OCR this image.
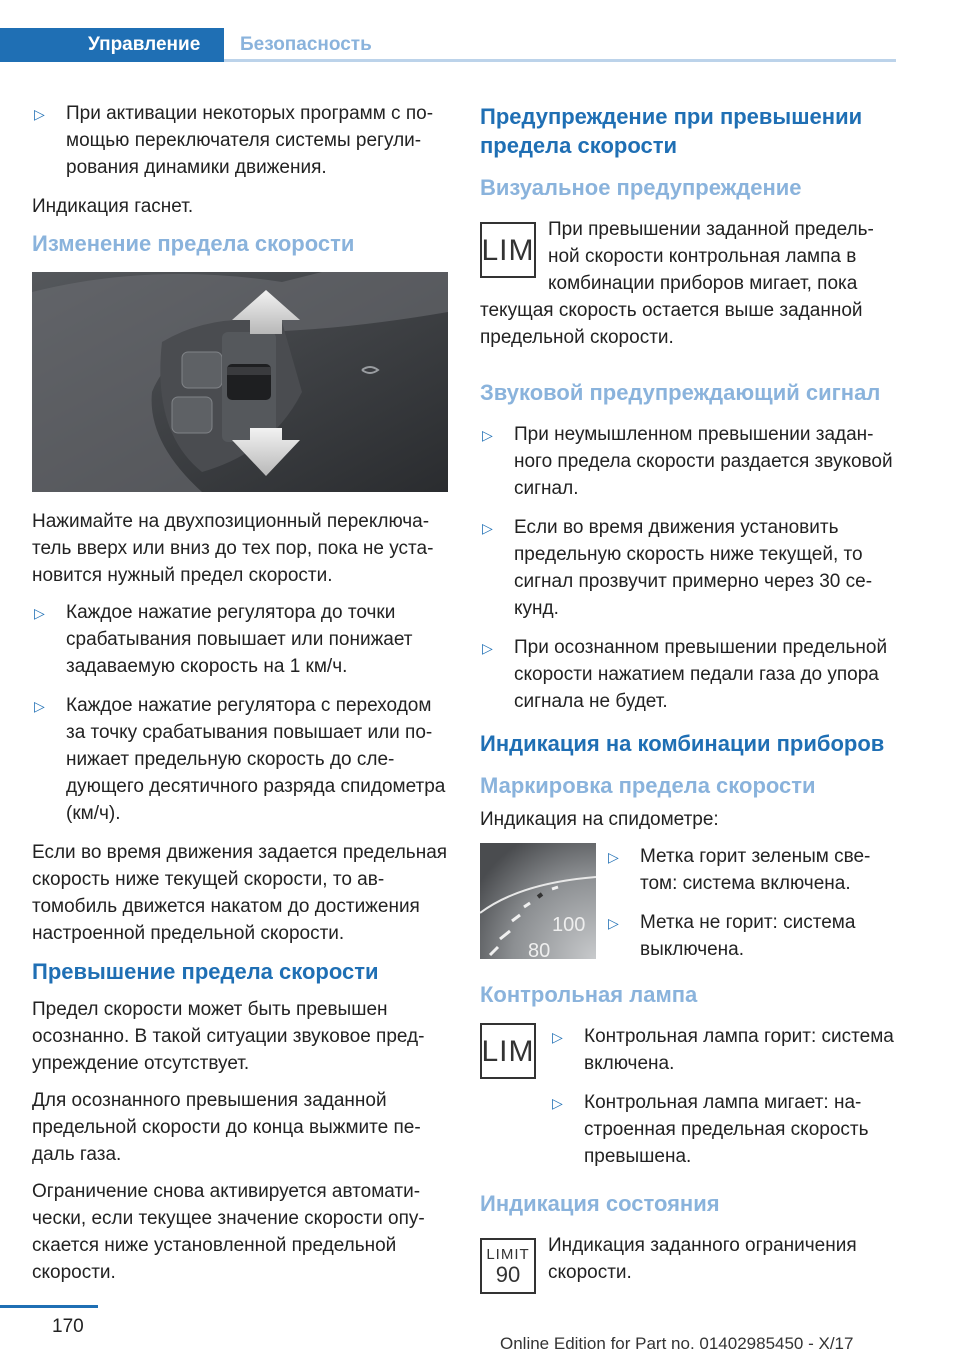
Управление	Безопасность
▷ При активации некоторых программ с помощью переключателя системы регулирования динамики движения.

Индикация гаснет.

Изменение предела скорости

Нажимайте на двухпозиционный переключатель вверх или вниз до тех пор, пока не установится нужный предел скорости.

▷ Каждое нажатие регулятора до точки срабатывания повышает или понижает задаваемую скорость на 1 км/ч.
▷ Каждое нажатие регулятора с переходом за точку срабатывания повышает или понижает предельную скорость до следующего десятичного разряда спидометра (км/ч).

Если во время движения задается предельная скорость ниже текущей скорости, то автомобиль движется накатом до достижения настроенной предельной скорости.

Превышение предела скорости

Предел скорости может быть превышен осознанно. В такой ситуации звуковое предупреждение отсутствует.

Для осознанного превышения заданной предельной скорости до конца выжмите педаль газа.

Ограничение снова активируется автоматически, если текущее значение скорости опускается ниже установленной предельной скорости.

Предупреждение при превышении предела скорости
Визуальное предупреждение
LIM

При превышении заданной предельной скорости контрольная лампа в комбинации приборов мигает, пока текущая скорость остается выше заданной предельной скорости.

Звуковой предупреждающий сигнал
▷ При неумышленном превышении заданного предела скорости раздается звуковой сигнал.
▷ Если во время движения установить предельную скорость ниже текущей, то сигнал прозвучит примерно через 30 секунд.
▷ При осознанном превышении предельной скорости нажатием педали газа до упора сигнала не будет.
Индикация на комбинации приборов
Маркировка предела скорости

Индикация на спидометре:

100
80
▷ Метка горит зеленым светом: система включена.
▷ Метка не горит: система выключена.
Контрольная лампа
LIM ▷ Контрольная лампа горит: система включена.
▷ Контрольная лампа мигает: настроенная предельная скорость превышена.
Индикация состояния
LIMIT
90

Индикация заданного ограничения скорости.

170
Online Edition for Part no. 01402985450 - X/17
